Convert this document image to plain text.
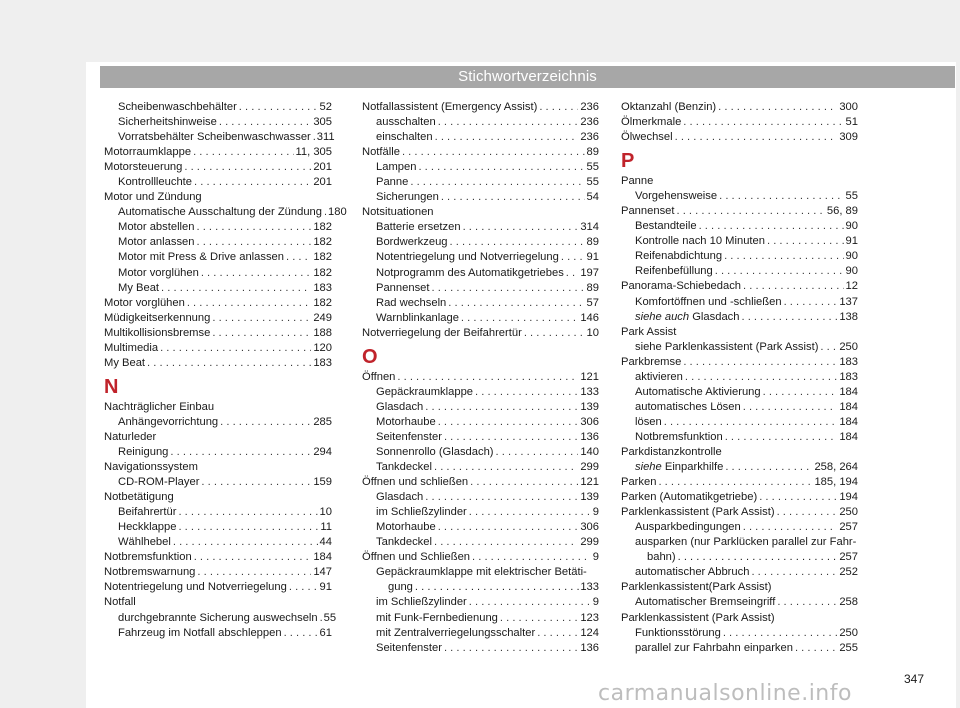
Stichwortverzeichnis
Scheibenwaschbehälter . . .	52
Sicherheitshinweise . . .	305
Vorratsbehälter Scheibenwaschwasser . . . 311
Motorraumklappe . . .	11, 305
Motorsteuerung . . .	201
Kontrollleuchte . . .	201
Motor und Zündung
Automatische Ausschaltung der Zündung . . . 180
Motor abstellen . . .	182
Motor anlassen . . .	182
Motor mit Press & Drive anlassen . . .	182
Motor vorglühen . . .	182
My Beat . . .	183
Motor vorglühen . . .	182
Müdigkeitserkennung . . .	249
Multikollisionsbremse . . .	188
Multimedia . . .	120
My Beat . . .	183
N
Nachträglicher Einbau
Anhängevorrichtung . . .	285
Naturleder
Reinigung . . .	294
Navigationssystem
CD-ROM-Player . . .	159
Notbetätigung
Beifahrertür . . .	10
Heckklappe . . .	11
Wählhebel . . .	44
Notbremsfunktion . . .	184
Notbremswarnung . . .	147
Notentriegelung und Notverriegelung . . .	91
Notfall
durchgebrannte Sicherung auswechseln . . . 55
Fahrzeug im Notfall abschleppen . . .	61
Notfallassistent (Emergency Assist) . . .	236
ausschalten . . .	236
einschalten . . .	236
Notfälle . . .	89
Lampen . . .	55
Panne . . .	55
Sicherungen . . .	54
Notsituationen
Batterie ersetzen . . .	314
Bordwerkzeug . . .	89
Notentriegelung und Notverriegelung . . . 91
Notprogramm des Automatikgetriebes . . . 197
Pannenset . . .	89
Rad wechseln . . .	57
Warnblinkanlage . . .	146
Notverriegelung der Beifahrertür . . .	10
O
Öffnen . . .	121
Gepäckraumklappe . . .	133
Glasdach . . .	139
Motorhaube . . .	306
Seitenfenster . . .	136
Sonnenrollo (Glasdach) . . .	140
Tankdeckel . . .	299
Öffnen und schließen . . .	121
Glasdach . . .	139
im Schließzylinder . . .	9
Motorhaube . . .	306
Tankdeckel . . .	299
Öffnen und Schließen . . .	9
Gepäckraumklappe mit elektrischer Betäti-
gung . . .	133
im Schließzylinder . . .	9
mit Funk-Fernbedienung . . .	123
mit Zentralverriegelungsschalter . . .	124
Seitenfenster . . .	136
Oktanzahl (Benzin) . . .	300
Ölmerkmale . . .	51
Ölwechsel . . .	309
P
Panne
Vorgehensweise . . .	55
Pannenset . . .	56, 89
Bestandteile . . .	90
Kontrolle nach 10 Minuten . . .	91
Reifenabdichtung . . .	90
Reifenbefüllung . . .	90
Panorama-Schiebedach . . .	12
Komfortöffnen und -schließen . . .	137
siehe auch Glasdach . . .	138
Park Assist
siehe Parklenkassistent (Park Assist) . . . 250
Parkbremse . . .	183
aktivieren . . .	183
Automatische Aktivierung . . .	184
automatisches Lösen . . .	184
lösen . . .	184
Notbremsfunktion . . .	184
Parkdistanzkontrolle
siehe Einparkhilfe . . .	258, 264
Parken . . .	185, 194
Parken (Automatikgetriebe) . . .	194
Parklenkassistent (Park Assist) . . .	250
Ausparkbedingungen . . .	257
ausparken (nur Parklücken parallel zur Fahr-
bahn) . . .	257
automatischer Abbruch . . .	252
Parklenkassistent(Park Assist)
Automatischer Bremseingriff . . .	258
Parklenkassistent (Park Assist)
Funktionsstörung . . .	250
parallel zur Fahrbahn einparken . . .	255
347
carmanualsonline.info
